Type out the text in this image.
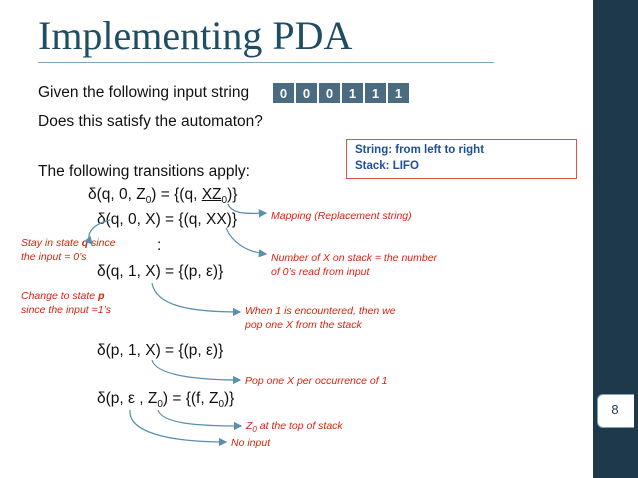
8
Implementing PDA
Given the following input string	0	0	0	1	1	1
Does this satisfy the automaton?
String: from left to right
Stack: LIFO
The following transitions apply:
δ(q, 0, $Z_0) = \{(q$, $XZ_0$)}
δ(q, 0, X) = {(q, XX)}
:
δ(q, 1, X) = {(p, ε)}
δ(p, 1, X) = {(p, ε)}
δ(p, ε , $Z_0) = \{(f$, $Z_0$)}
Mapping (Replacement string)
Stay in state q since
the input = 0’s	Number of X on stack = the number
of 0’s read from input
Change to state p
since the input =1’s	When 1 is encountered, then we
pop one X from the stack
Pop one X per occurrence of 1
$Z_0$ at the top of stack
No input
